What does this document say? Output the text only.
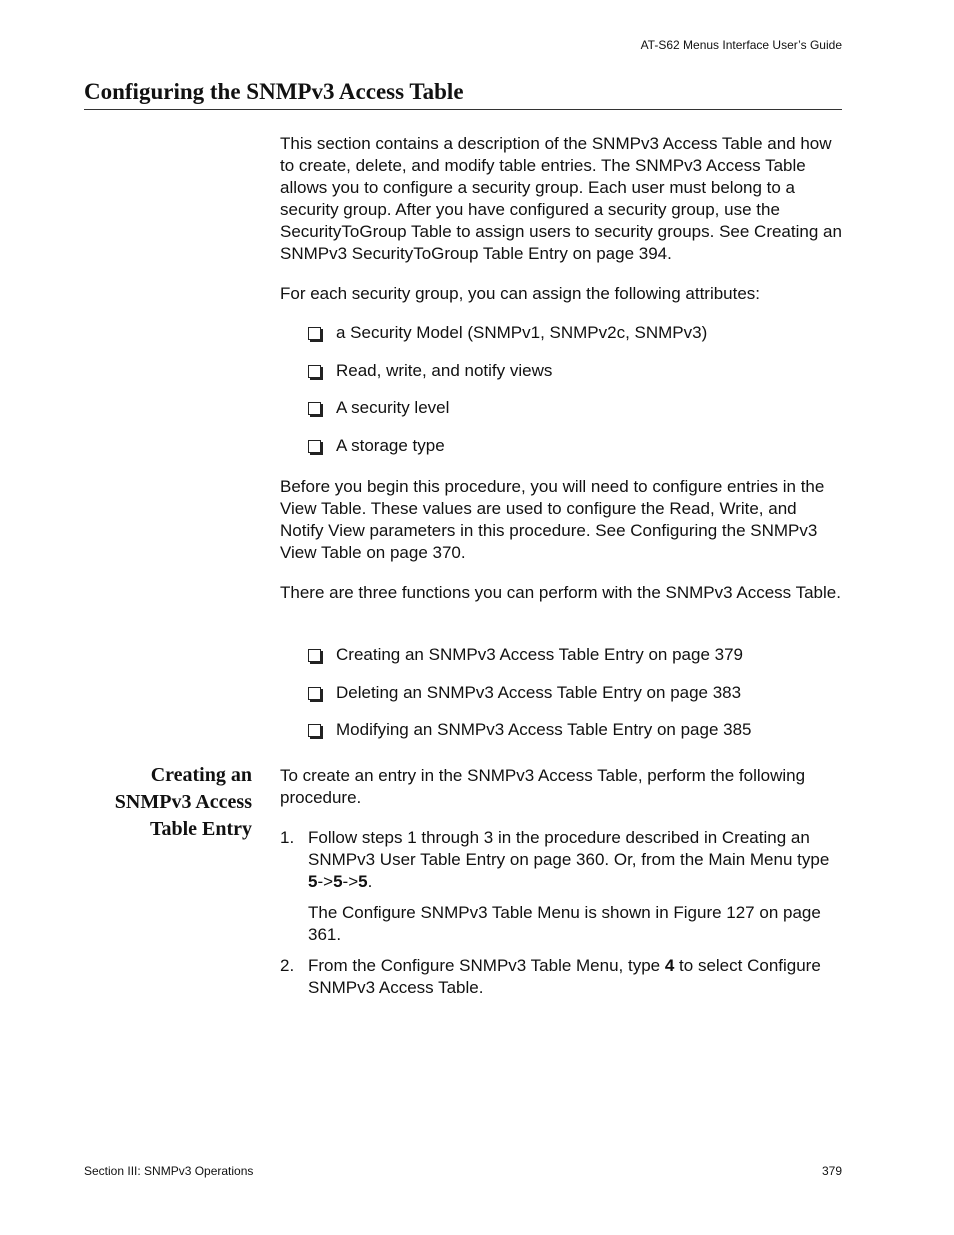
AT-S62 Menus Interface User’s Guide
Configuring the SNMPv3 Access Table

This section contains a description of the SNMPv3 Access Table and how to create, delete, and modify table entries. The SNMPv3 Access Table allows you to configure a security group. Each user must belong to a security group. After you have configured a security group, use the SecurityToGroup Table to assign users to security groups. See Creating an SNMPv3 SecurityToGroup Table Entry on page 394.

For each security group, you can assign the following attributes:

a Security Model (SNMPv1, SNMPv2c, SNMPv3)
Read, write, and notify views
A security level
A storage type

Before you begin this procedure, you will need to configure entries in the View Table. These values are used to configure the Read, Write, and Notify View parameters in this procedure. See Configuring the SNMPv3 View Table on page 370.

There are three functions you can perform with the SNMPv3 Access Table.

Creating an SNMPv3 Access Table Entry on page 379
Deleting an SNMPv3 Access Table Entry on page 383
Modifying an SNMPv3 Access Table Entry on page 385
Creating an
SNMPv3 Access
Table Entry

To create an entry in the SNMPv3 Access Table, perform the following procedure.

1. Follow steps 1 through 3 in the procedure described in Creating an SNMPv3 User Table Entry on page 360. Or, from the Main Menu type 5->5->5.

The Configure SNMPv3 Table Menu is shown in Figure 127 on page 361.

2. From the Configure SNMPv3 Table Menu, type 4 to select Configure SNMPv3 Access Table.

Section III: SNMPv3 Operations	379
